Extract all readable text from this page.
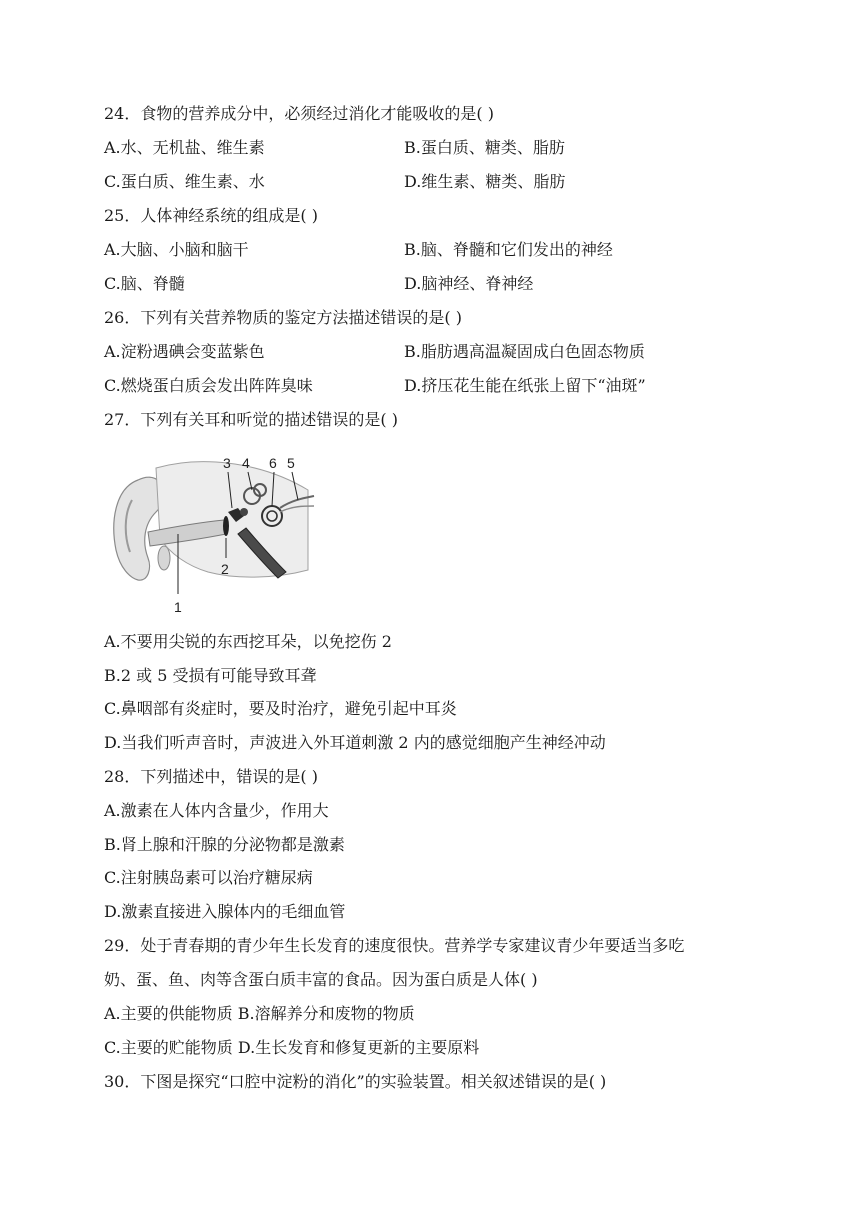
24．食物的营养成分中，必须经过消化才能吸收的是( )
A.水、无机盐、维生素	B.蛋白质、糖类、脂肪
C.蛋白质、维生素、水	D.维生素、糖类、脂肪
25．人体神经系统的组成是( )
A.大脑、小脑和脑干	B.脑、脊髓和它们发出的神经
C.脑、脊髓	D.脑神经、脊神经
26．下列有关营养物质的鉴定方法描述错误的是( )
A.淀粉遇碘会变蓝紫色	B.脂肪遇高温凝固成白色固态物质
C.燃烧蛋白质会发出阵阵臭味	D.挤压花生能在纸张上留下“油斑”
27．下列有关耳和听觉的描述错误的是( )
3 4 6 5
2
1
A.不要用尖锐的东西挖耳朵，以免挖伤 2
B.2 或 5 受损有可能导致耳聋
C.鼻咽部有炎症时，要及时治疗，避免引起中耳炎
D.当我们听声音时，声波进入外耳道刺激 2 内的感觉细胞产生神经冲动
28．下列描述中，错误的是( )
A.激素在人体内含量少，作用大
B.肾上腺和汗腺的分泌物都是激素
C.注射胰岛素可以治疗糖尿病
D.激素直接进入腺体内的毛细血管
29．处于青春期的青少年生长发育的速度很快。营养学专家建议青少年要适当多吃
奶、蛋、鱼、肉等含蛋白质丰富的食品。因为蛋白质是人体( )
A.主要的供能物质 B.溶解养分和废物的物质
C.主要的贮能物质 D.生长发育和修复更新的主要原料
30．下图是探究“口腔中淀粉的消化”的实验装置。相关叙述错误的是( )
